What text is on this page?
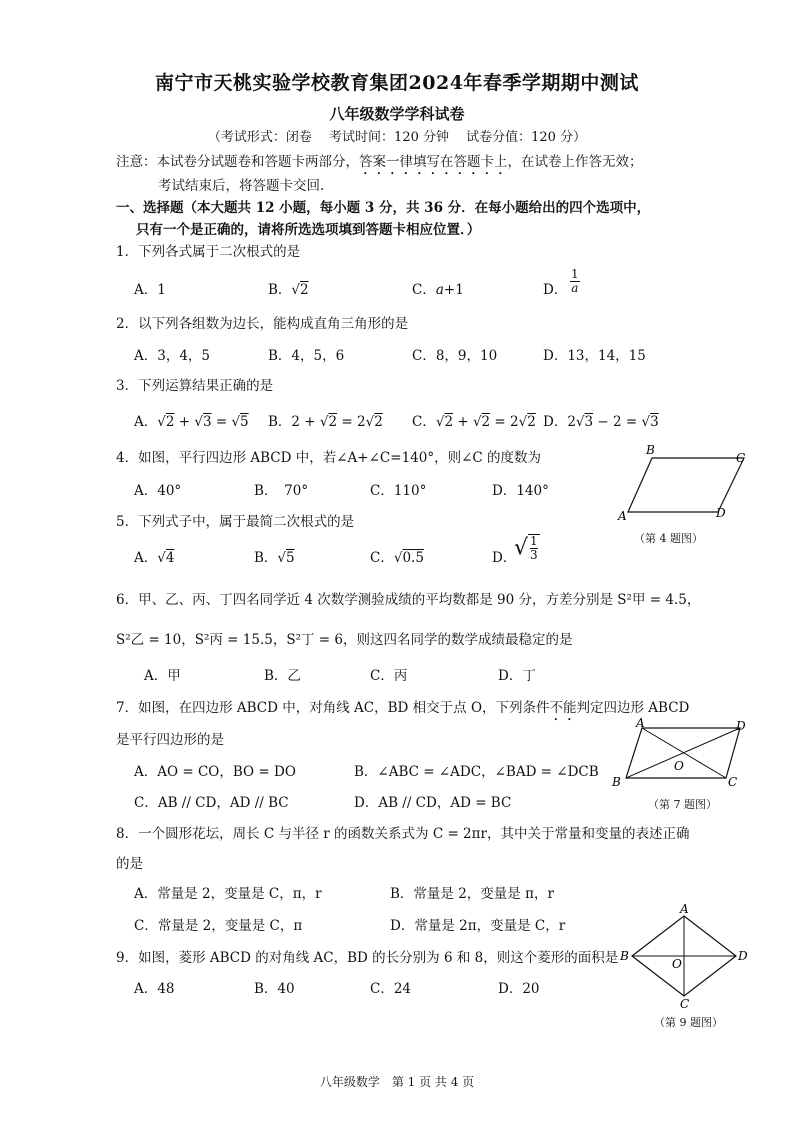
南宁市天桃实验学校教育集团2024年春季学期期中测试
八年级数学学科试卷
（考试形式：闭卷　 考试时间：120 分钟　 试卷分值：120 分）
注意：本试卷分试题卷和答题卡两部分，答案一律填写在答题卡上，在试卷上作答无效；
考试结束后，将答题卡交回.
一、选择题（本大题共 12 小题，每小题 3 分，共 36 分．在每小题给出的四个选项中，
只有一个是正确的，请将所选选项填到答题卡相应位置．）
1．下列各式属于二次根式的是
A．1	B．√2	C．a+1	D． $\frac{1}{a}$
2．以下列各组数为边长，能构成直角三角形的是
A．3，4，5	B．4，5，6	C．8，9，10	D．13，14，15
3．下列运算结果正确的是
A．√2 + √3 = √5 B．2 + √2 = 2√2 C．√2 + √2 = 2√2 D．2√3 − 2 = √3
4．如图，平行四边形 ABCD 中，若∠A+∠C=140°，则∠C 的度数为
A．40°	B．　70°	C．110°	D．140°
B
C
A	D
（第 4 题图）
5．下列式子中，属于最简二次根式的是
A．√4	B．√5	C．√0.5	D．
√ $\frac{1}{3}$
6．甲、乙、丙、丁四名同学近 4 次数学测验成绩的平均数都是 90 分，方差分别是 S²甲 = 4.5，
S²乙 = 10，S²丙 = 15.5，S²丁 = 6，则这四名同学的数学成绩最稳定的是
A．甲	B．乙	C．丙	D．丁
7．如图，在四边形 ABCD 中，对角线 AC，BD 相交于点 O，下列条件不能判定四边形 ABCD
是平行四边形的是
A．AO = CO，BO = DO	B．∠ABC = ∠ADC，∠BAD = ∠DCB
C．AB // CD，AD // BC	D．AB // CD，AD = BC
A	D
B	C
O
（第 7 题图）
8．一个圆形花坛，周长 C 与半径 r 的函数关系式为 C = 2πr，其中关于常量和变量的表述正确
的是
A．常量是 2，变量是 C，π，r	B．常量是 2，变量是 π，r
C．常量是 2，变量是 C，π	D．常量是 2π，变量是 C，r
9．如图，菱形 ABCD 的对角线 AC，BD 的长分别为 6 和 8，则这个菱形的面积是
A．48	B．40	C．24	D．20
A
B	D
C
O
（第 9 题图）
八年级数学　第 1 页 共 4 页
